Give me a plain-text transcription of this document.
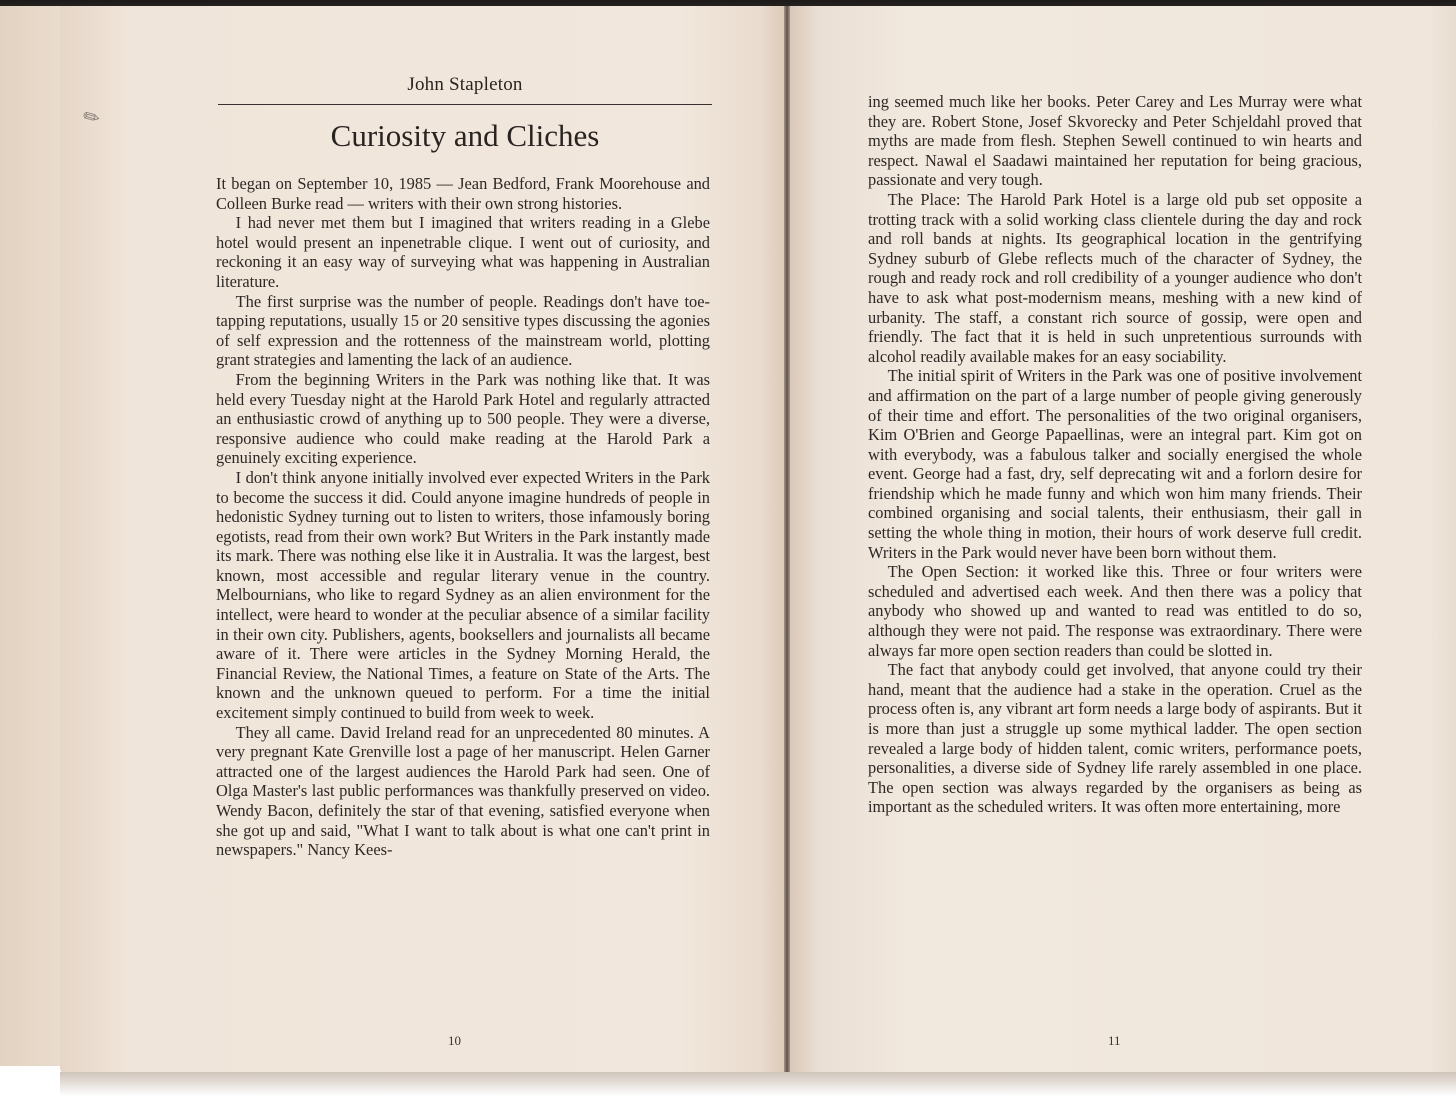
✎
John Stapleton
Curiosity and Cliches

It began on September 10, 1985 — Jean Bedford, Frank Moorehouse and Colleen Burke read — writers with their own strong histories.

I had never met them but I imagined that writers reading in a Glebe hotel would present an inpenetrable clique. I went out of curiosity, and reckoning it an easy way of surveying what was happening in Australian literature.

The first surprise was the number of people. Readings don't have toe-tapping reputations, usually 15 or 20 sensitive types discussing the agonies of self expression and the rottenness of the mainstream world, plotting grant strategies and lamenting the lack of an audience.

From the beginning Writers in the Park was nothing like that. It was held every Tuesday night at the Harold Park Hotel and regularly attracted an enthusiastic crowd of anything up to 500 people. They were a diverse, responsive audience who could make reading at the Harold Park a genuinely exciting experience.

I don't think anyone initially involved ever expected Writers in the Park to become the success it did. Could anyone imagine hundreds of people in hedonistic Sydney turning out to listen to writers, those infamously boring egotists, read from their own work? But Writers in the Park instantly made its mark. There was nothing else like it in Australia. It was the largest, best known, most accessible and regular literary venue in the country. Melbournians, who like to regard Sydney as an alien environment for the intellect, were heard to wonder at the peculiar absence of a similar facility in their own city. Publishers, agents, booksellers and journalists all became aware of it. There were articles in the Sydney Morning Herald, the Financial Review, the National Times, a feature on State of the Arts. The known and the unknown queued to perform. For a time the initial excitement simply continued to build from week to week.

They all came. David Ireland read for an unprecedented 80 minutes. A very pregnant Kate Grenville lost a page of her manuscript. Helen Garner attracted one of the largest audiences the Harold Park had seen. One of Olga Master's last public performances was thankfully preserved on video. Wendy Bacon, definitely the star of that evening, satisfied everyone when she got up and said, "What I want to talk about is what one can't print in newspapers." Nancy Kees-

ing seemed much like her books. Peter Carey and Les Murray were what they are. Robert Stone, Josef Skvorecky and Peter Schjeldahl proved that myths are made from flesh. Stephen Sewell continued to win hearts and respect. Nawal el Saadawi maintained her reputation for being gracious, passionate and very tough.

The Place: The Harold Park Hotel is a large old pub set opposite a trotting track with a solid working class clientele during the day and rock and roll bands at nights. Its geographical location in the gentrifying Sydney suburb of Glebe reflects much of the character of Sydney, the rough and ready rock and roll credibility of a younger audience who don't have to ask what post-modernism means, meshing with a new kind of urbanity. The staff, a constant rich source of gossip, were open and friendly. The fact that it is held in such unpretentious surrounds with alcohol readily available makes for an easy sociability.

The initial spirit of Writers in the Park was one of positive involvement and affirmation on the part of a large number of people giving generously of their time and effort. The personalities of the two original organisers, Kim O'Brien and George Papaellinas, were an integral part. Kim got on with everybody, was a fabulous talker and socially energised the whole event. George had a fast, dry, self deprecating wit and a forlorn desire for friendship which he made funny and which won him many friends. Their combined organising and social talents, their enthusiasm, their gall in setting the whole thing in motion, their hours of work deserve full credit. Writers in the Park would never have been born without them.

The Open Section: it worked like this. Three or four writers were scheduled and advertised each week. And then there was a policy that anybody who showed up and wanted to read was entitled to do so, although they were not paid. The response was extraordinary. There were always far more open section readers than could be slotted in.

The fact that anybody could get involved, that anyone could try their hand, meant that the audience had a stake in the operation. Cruel as the process often is, any vibrant art form needs a large body of aspirants. But it is more than just a struggle up some mythical ladder. The open section revealed a large body of hidden talent, comic writers, performance poets, personalities, a diverse side of Sydney life rarely assembled in one place. The open section was always regarded by the organisers as being as important as the scheduled writers. It was often more entertaining, more

10	11
